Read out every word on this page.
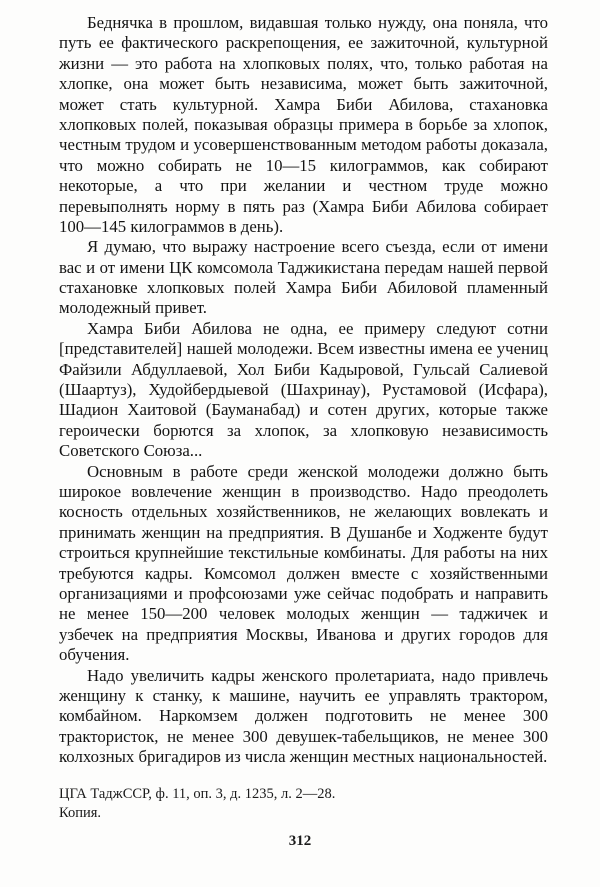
Беднячка в прошлом, видавшая только нужду, она поняла, что путь ее фактического раскрепощения, ее зажиточной, культурной жизни — это работа на хлопковых полях, что, только работая на хлопке, она может быть независима, может быть зажиточной, может стать культурной. Хамра Биби Абилова, стахановка хлопковых полей, показывая образцы примера в борьбе за хлопок, честным трудом и усовершенствованным методом работы доказала, что можно собирать не 10—15 килограммов, как собирают некоторые, а что при желании и честном труде можно перевыполнять норму в пять раз (Хамра Биби Абилова собирает 100—145 килограммов в день).

Я думаю, что выражу настроение всего съезда, если от имени вас и от имени ЦК комсомола Таджикистана передам нашей первой стахановке хлопковых полей Хамра Биби Абиловой пламенный молодежный привет.

Хамра Биби Абилова не одна, ее примеру следуют сотни [представителей] нашей молодежи. Всем известны имена ее учениц Файзили Абдуллаевой, Хол Биби Кадыровой, Гульсай Салиевой (Шаартуз), Худойбердыевой (Шахринау), Рустамовой (Исфара), Шадион Хаитовой (Бауманабад) и сотен других, которые также героически борются за хлопок, за хлопковую независимость Советского Союза...

Основным в работе среди женской молодежи должно быть широкое вовлечение женщин в производство. Надо преодолеть косность отдельных хозяйственников, не желающих вовлекать и принимать женщин на предприятия. В Душанбе и Ходженте будут строиться крупнейшие текстильные комбинаты. Для работы на них требуются кадры. Комсомол должен вместе с хозяйственными организациями и профсоюзами уже сейчас подобрать и направить не менее 150—200 человек молодых женщин — таджичек и узбечек на предприятия Москвы, Иванова и других городов для обучения.

Надо увеличить кадры женского пролетариата, надо привлечь женщину к станку, к машине, научить ее управлять трактором, комбайном. Наркомзем должен подготовить не менее 300 трактористок, не менее 300 девушек-табельщиков, не менее 300 колхозных бригадиров из числа женщин местных национальностей.

ЦГА ТаджССР, ф. 11, оп. 3, д. 1235, л. 2—28.

Копия.

312
